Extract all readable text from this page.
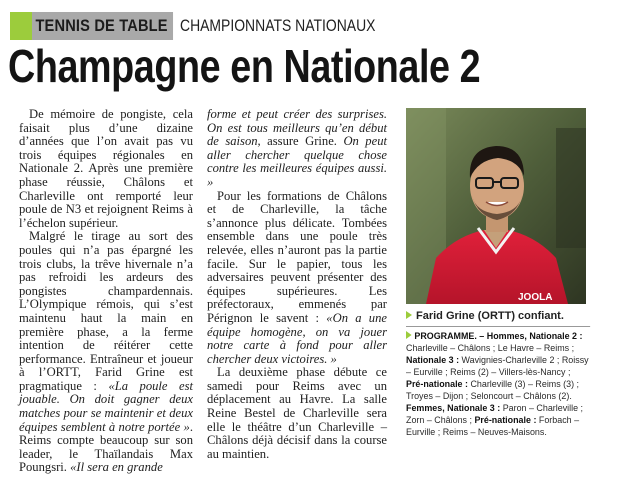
TENNIS DE TABLE CHAMPIONNATS NATIONAUX
Champagne en Nationale 2

De mémoire de pongiste, cela faisait plus d’une dizaine d’années que l’on avait pas vu trois équipes régionales en Nationale 2. Après une première phase réussie, Châlons et Charleville ont remporté leur poule de N3 et rejoignent Reims à l’échelon supérieur.

Malgré le tirage au sort des poules qui n’a pas épargné les trois clubs, la trêve hivernale n’a pas refroidi les ardeurs des pongistes champardennais. L’Olympique rémois, qui s’est maintenu haut la main en première phase, a la ferme intention de réitérer cette performance. Entraîneur et joueur à l’ORTT, Farid Grine est pragmatique : «La poule est jouable. On doit gagner deux matches pour se maintenir et deux équipes semblent à notre portée ». Reims compte beaucoup sur son leader, le Thaïlandais Max Poungsri. «Il sera en grande

forme et peut créer des surprises. On est tous meilleurs qu’en début de saison, assure Grine. On peut aller chercher quelque chose contre les meilleures équipes aussi. »

Pour les formations de Châlons et de Charleville, la tâche s’annonce plus délicate. Tombées ensemble dans une poule très relevée, elles n’auront pas la partie facile. Sur le papier, tous les adversaires peuvent présenter des équipes supérieures. Les préfectoraux, emmenés par Pérignon le savent : «On a une équipe homogène, on va jouer notre carte à fond pour aller chercher deux victoires. »

La deuxième phase débute ce samedi pour Reims avec un déplacement au Havre. La salle Reine Bestel de Charleville sera elle le théâtre d’un Charleville – Châlons déjà décisif dans la course au maintien.

JOOLA
Farid Grine (ORTT) confiant.
PROGRAMME. – Hommes, Nationale 2 : Charleville – Châlons ; Le Havre – Reims ; Nationale 3 : Wavignies-Charleville 2 ; Roissy – Eurville ; Reims (2) – Villers-lès-Nancy ; Pré-nationale : Charleville (3) – Reims (3) ; Troyes – Dijon ; Seloncourt – Châlons (2).
Femmes, Nationale 3 : Paron – Charleville ; Zorn – Châlons ; Pré-nationale : Forbach – Eurville ; Reims – Neuves-Maisons.
